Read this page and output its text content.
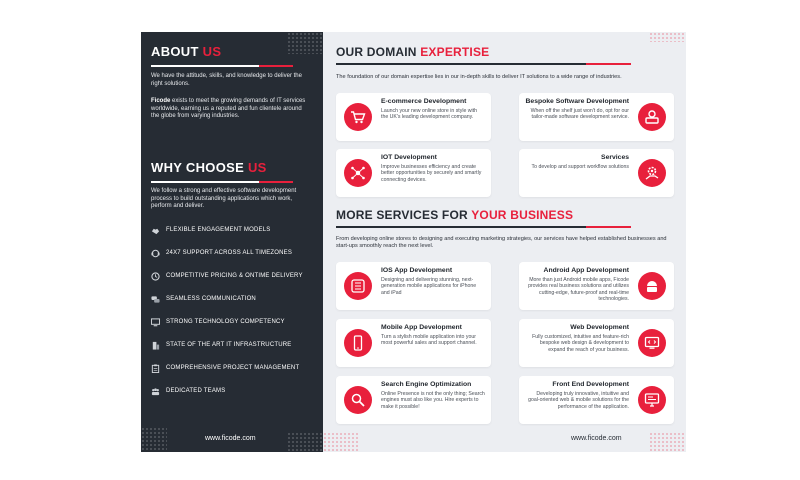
ABOUT US
We have the attitude, skills, and knowledge to deliver the right solutions.
Ficode exists to meet the growing demands of IT services worldwide, earning us a reputed and fun clientele around the globe from varying industries.
WHY CHOOSE US
We follow a strong and effective software development process to build outstanding applications which work, perform and deliver.
FLEXIBLE ENGAGEMENT MODELS
24X7 SUPPORT ACROSS ALL TIMEZONES
COMPETITIVE PRICING & ONTIME DELIVERY
SEAMLESS COMMUNICATION
STRONG TECHNOLOGY COMPETENCY
STATE OF THE ART IT INFRASTRUCTURE
COMPREHENSIVE PROJECT MANAGEMENT
DEDICATED TEAMS
www.ficode.com
OUR DOMAIN EXPERTISE
The foundation of our domain expertise lies in our in-depth skills to deliver IT solutions to a wide range of industries.
E-commerce Development
Launch your new online store in style with the UK's leading development company.
Bespoke Software Development
When off the shelf just won't do, opt for our tailor-made software development service.
IOT Development
Improve businesses efficiency and create better opportunities by securely and smartly connecting devices.
Services
To develop and support workflow solutions
MORE SERVICES FOR YOUR BUSINESS
From developing online stores to designing and executing marketing strategies, our services have helped established businesses and start-ups smoothly reach the next level.
IOS App Development
Designing and delivering stunning, next-generation mobile applications for iPhone and iPad
Android App Development
More than just Android mobile apps, Ficode provides real business solutions and utilizes cutting-edge, future-proof and real-time technologies.
Mobile App Development
Turn a stylish mobile application into your most powerful sales and support channel.
Web Development
Fully customized, intuitive and feature-rich bespoke web design & development to expand the reach of your business.
Search Engine Optimization
Online Presence is not the only thing; Search engines must also like you. Hire experts to make it possible!
Front End Development
Developing truly innovative, intuitive and goal-oriented web & mobile solutions for the performance of the application.
www.ficode.com
